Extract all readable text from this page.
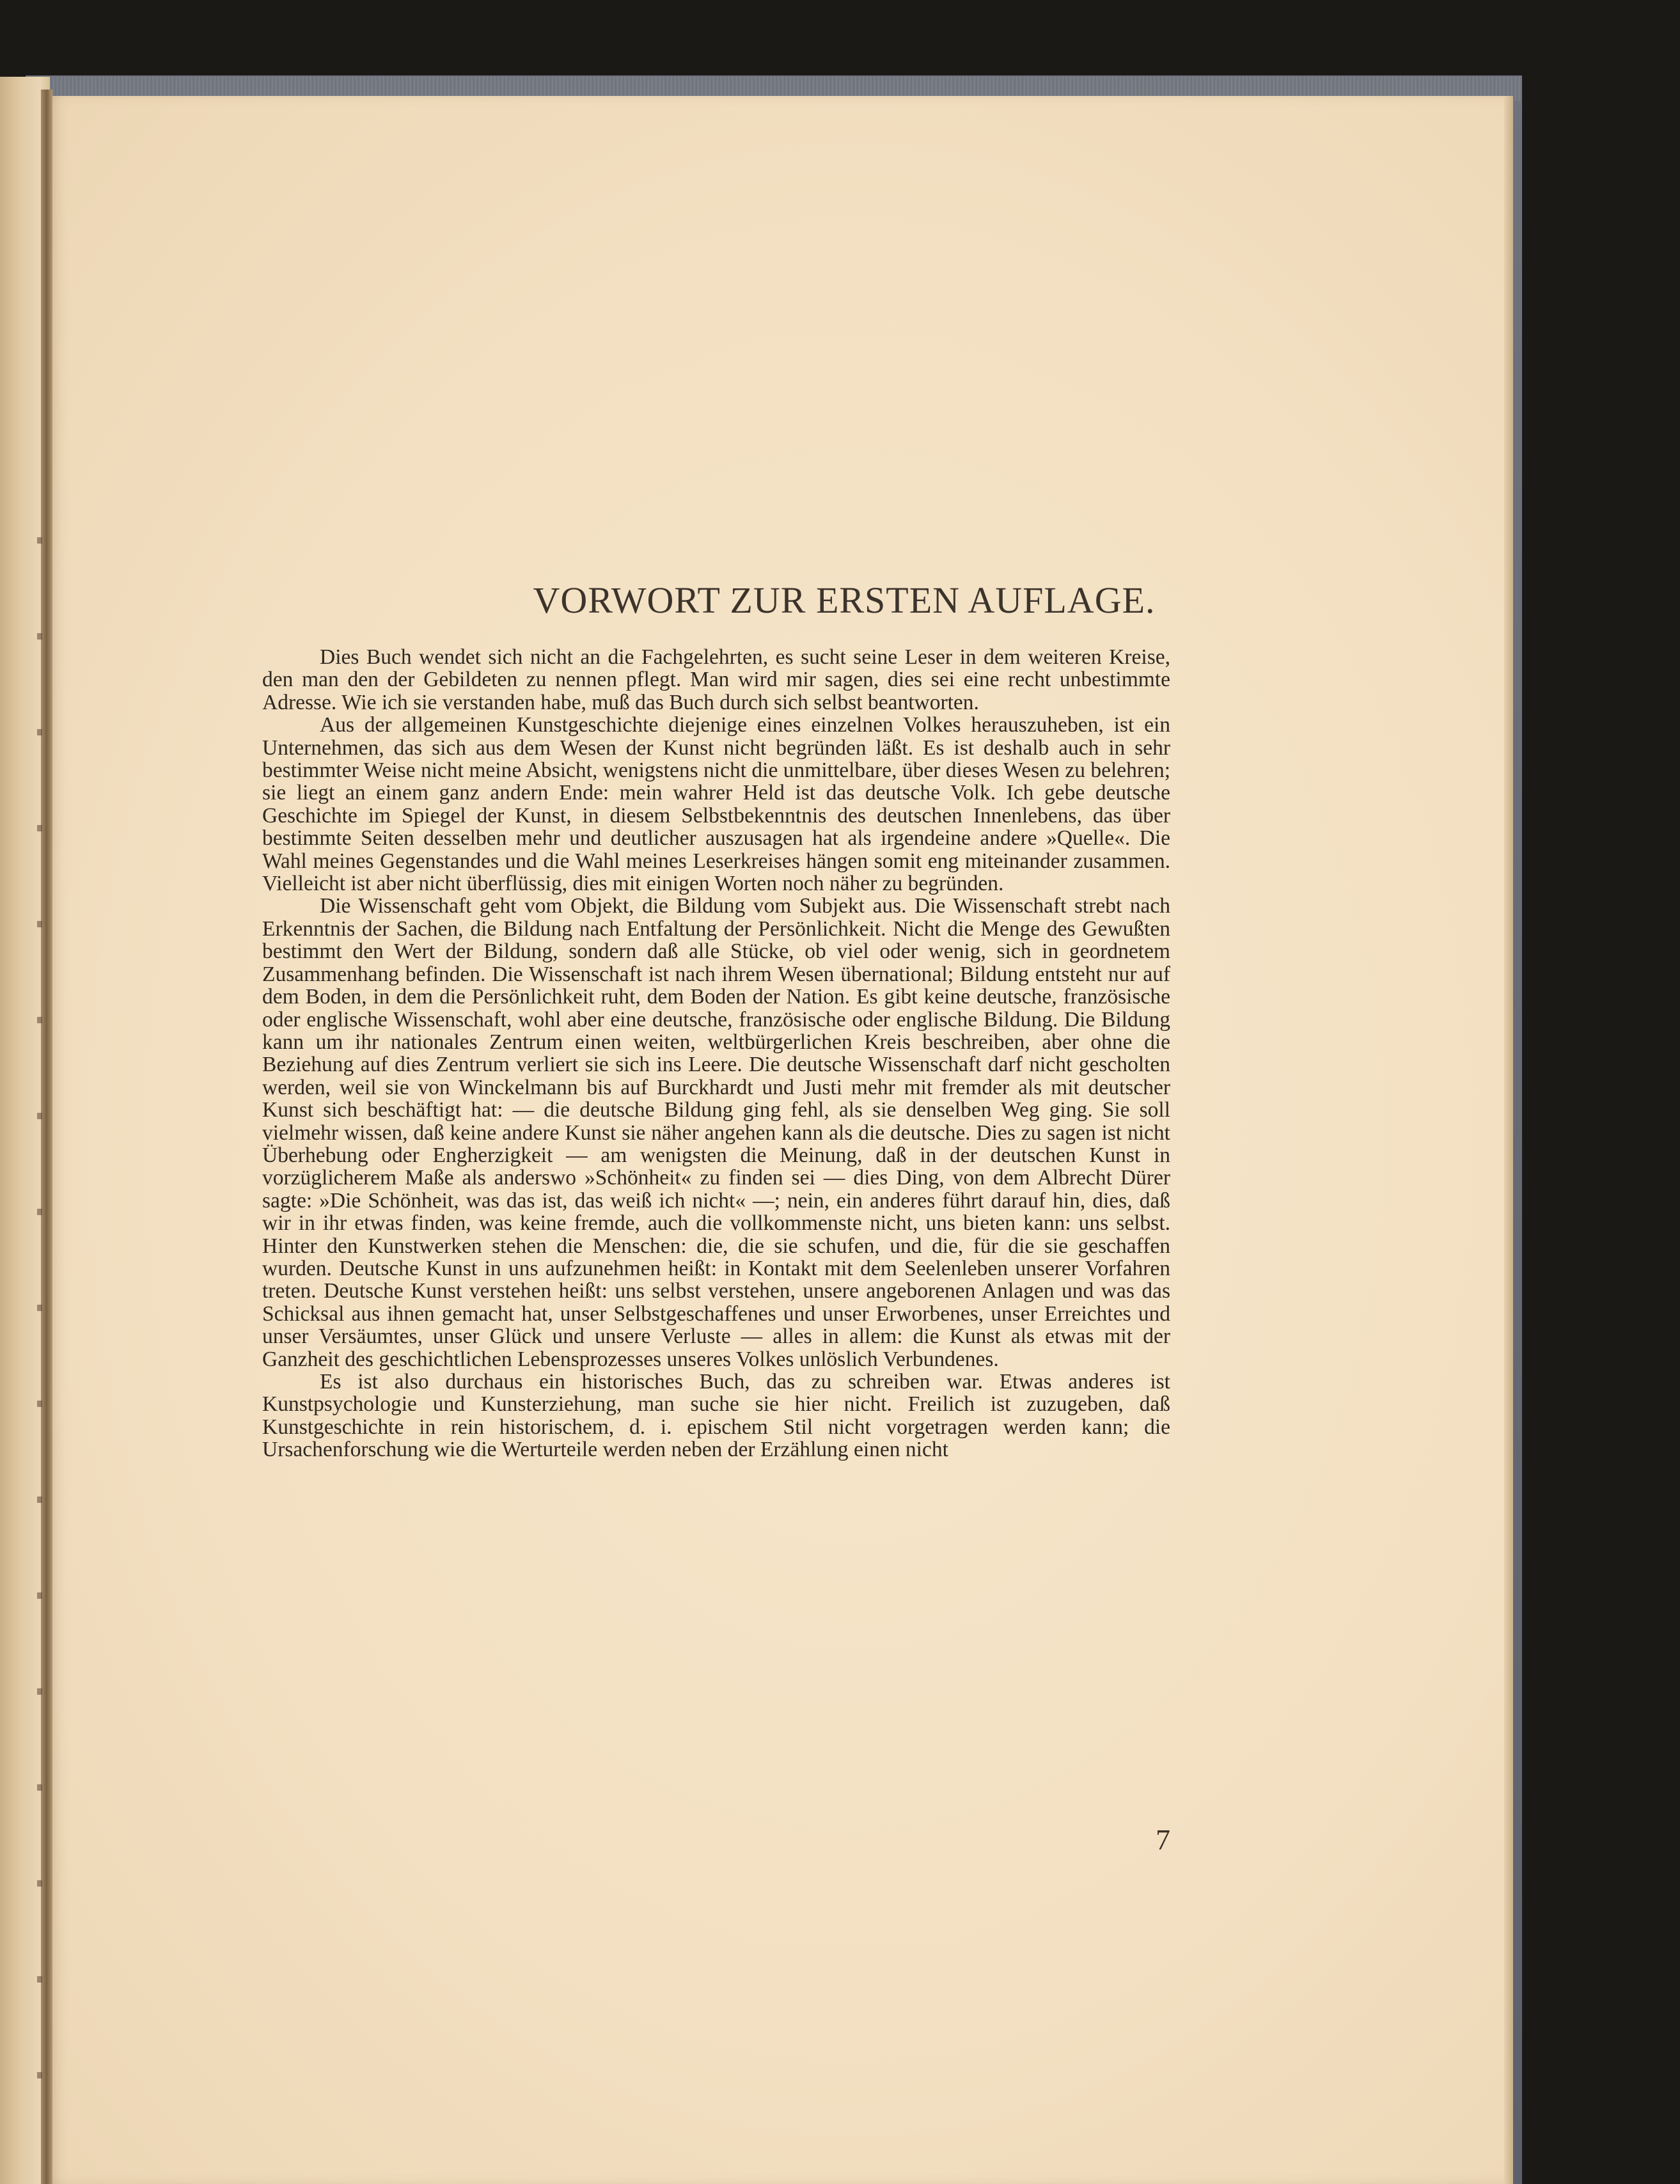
VORWORT ZUR ERSTEN AUFLAGE.

Dies Buch wendet sich nicht an die Fachgelehrten, es sucht seine Leser in dem weiteren Kreise, den man den der Gebildeten zu nennen pflegt. Man wird mir sagen, dies sei eine recht unbestimmte Adresse. Wie ich sie verstanden habe, muß das Buch durch sich selbst beantworten.

Aus der allgemeinen Kunstgeschichte diejenige eines einzelnen Volkes herauszuheben, ist ein Unternehmen, das sich aus dem Wesen der Kunst nicht begründen läßt. Es ist deshalb auch in sehr bestimmter Weise nicht meine Absicht, wenigstens nicht die unmittelbare, über dieses Wesen zu belehren; sie liegt an einem ganz andern Ende: mein wahrer Held ist das deutsche Volk. Ich gebe deutsche Geschichte im Spiegel der Kunst, in diesem Selbstbekenntnis des deutschen Innenlebens, das über bestimmte Seiten desselben mehr und deutlicher auszusagen hat als irgendeine andere »Quelle«. Die Wahl meines Gegenstandes und die Wahl meines Leserkreises hängen somit eng miteinander zusammen. Vielleicht ist aber nicht überflüssig, dies mit einigen Worten noch näher zu begründen.

Die Wissenschaft geht vom Objekt, die Bildung vom Subjekt aus. Die Wissenschaft strebt nach Erkenntnis der Sachen, die Bildung nach Entfaltung der Persönlichkeit. Nicht die Menge des Gewußten bestimmt den Wert der Bildung, sondern daß alle Stücke, ob viel oder wenig, sich in geordnetem Zusammenhang befinden. Die Wissenschaft ist nach ihrem Wesen übernational; Bildung entsteht nur auf dem Boden, in dem die Persönlichkeit ruht, dem Boden der Nation. Es gibt keine deutsche, französische oder englische Wissenschaft, wohl aber eine deutsche, französische oder englische Bildung. Die Bildung kann um ihr nationales Zentrum einen weiten, weltbürgerlichen Kreis beschreiben, aber ohne die Beziehung auf dies Zentrum verliert sie sich ins Leere. Die deutsche Wissenschaft darf nicht gescholten werden, weil sie von Winckelmann bis auf Burckhardt und Justi mehr mit fremder als mit deutscher Kunst sich beschäftigt hat: — die deutsche Bildung ging fehl, als sie denselben Weg ging. Sie soll vielmehr wissen, daß keine andere Kunst sie näher angehen kann als die deutsche. Dies zu sagen ist nicht Überhebung oder Engherzigkeit — am wenigsten die Meinung, daß in der deutschen Kunst in vorzüglicherem Maße als anderswo »Schönheit« zu finden sei — dies Ding, von dem Albrecht Dürer sagte: »Die Schönheit, was das ist, das weiß ich nicht« —; nein, ein anderes führt darauf hin, dies, daß wir in ihr etwas finden, was keine fremde, auch die vollkommenste nicht, uns bieten kann: uns selbst. Hinter den Kunstwerken stehen die Menschen: die, die sie schufen, und die, für die sie geschaffen wurden. Deutsche Kunst in uns aufzunehmen heißt: in Kontakt mit dem Seelenleben unserer Vorfahren treten. Deutsche Kunst verstehen heißt: uns selbst verstehen, unsere angeborenen Anlagen und was das Schicksal aus ihnen gemacht hat, unser Selbstgeschaffenes und unser Erworbenes, unser Erreichtes und unser Versäumtes, unser Glück und unsere Verluste — alles in allem: die Kunst als etwas mit der Ganzheit des geschichtlichen Lebensprozesses unseres Volkes unlöslich Verbundenes.

Es ist also durchaus ein historisches Buch, das zu schreiben war. Etwas anderes ist Kunstpsychologie und Kunsterziehung, man suche sie hier nicht. Freilich ist zuzugeben, daß Kunstgeschichte in rein historischem, d. i. epischem Stil nicht vorgetragen werden kann; die Ursachenforschung wie die Werturteile werden neben der Erzählung einen nicht

7
